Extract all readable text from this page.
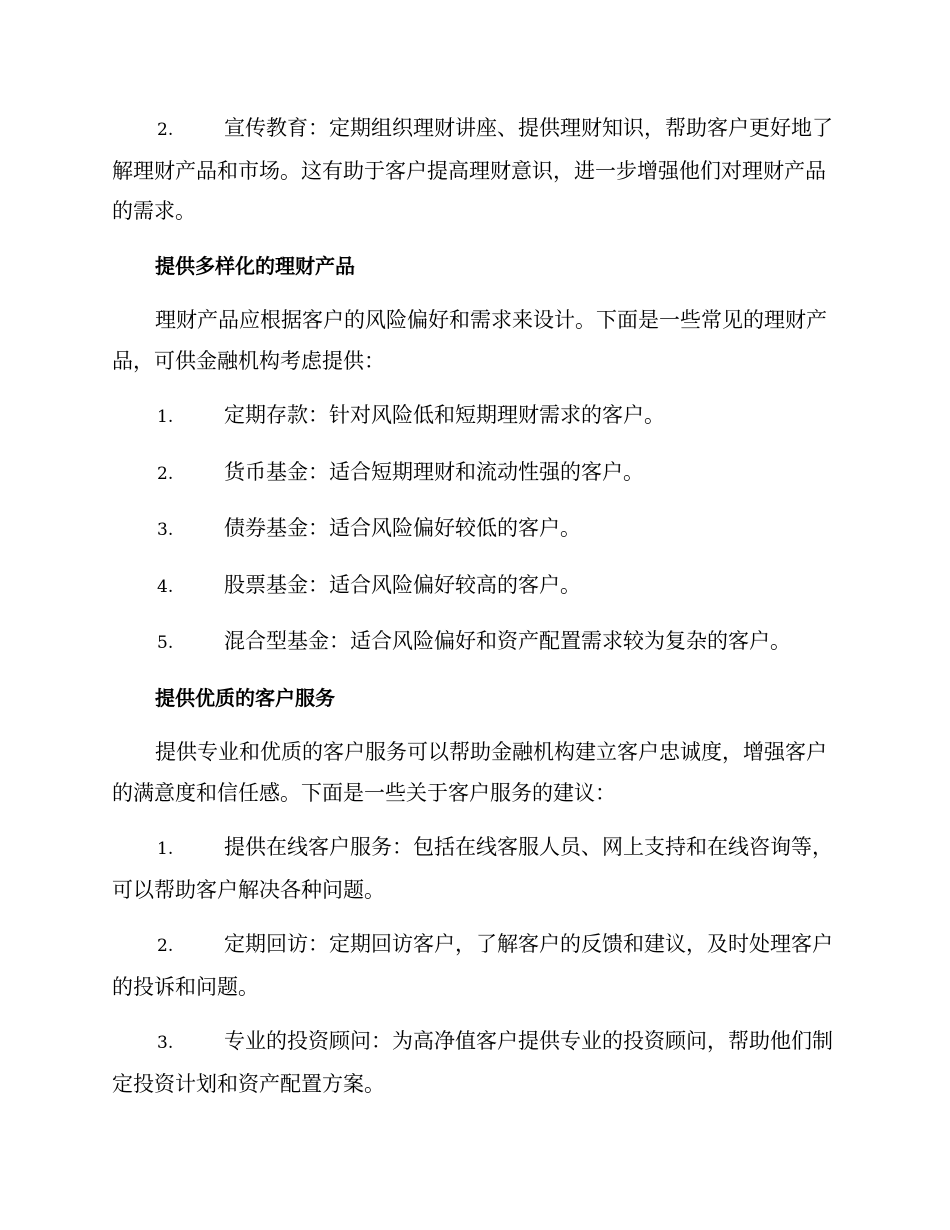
2. 宣传教育：定期组织理财讲座、提供理财知识，帮助客户更好地了解理财产品和市场。这有助于客户提高理财意识，进一步增强他们对理财产品的需求。

提供多样化的理财产品

理财产品应根据客户的风险偏好和需求来设计。下面是一些常见的理财产品，可供金融机构考虑提供：

1. 定期存款：针对风险低和短期理财需求的客户。

2. 货币基金：适合短期理财和流动性强的客户。

3. 债券基金：适合风险偏好较低的客户。

4. 股票基金：适合风险偏好较高的客户。

5. 混合型基金：适合风险偏好和资产配置需求较为复杂的客户。

提供优质的客户服务

提供专业和优质的客户服务可以帮助金融机构建立客户忠诚度，增强客户的满意度和信任感。下面是一些关于客户服务的建议：

1. 提供在线客户服务：包括在线客服人员、网上支持和在线咨询等，可以帮助客户解决各种问题。

2. 定期回访：定期回访客户，了解客户的反馈和建议，及时处理客户的投诉和问题。

3. 专业的投资顾问：为高净值客户提供专业的投资顾问，帮助他们制定投资计划和资产配置方案。
